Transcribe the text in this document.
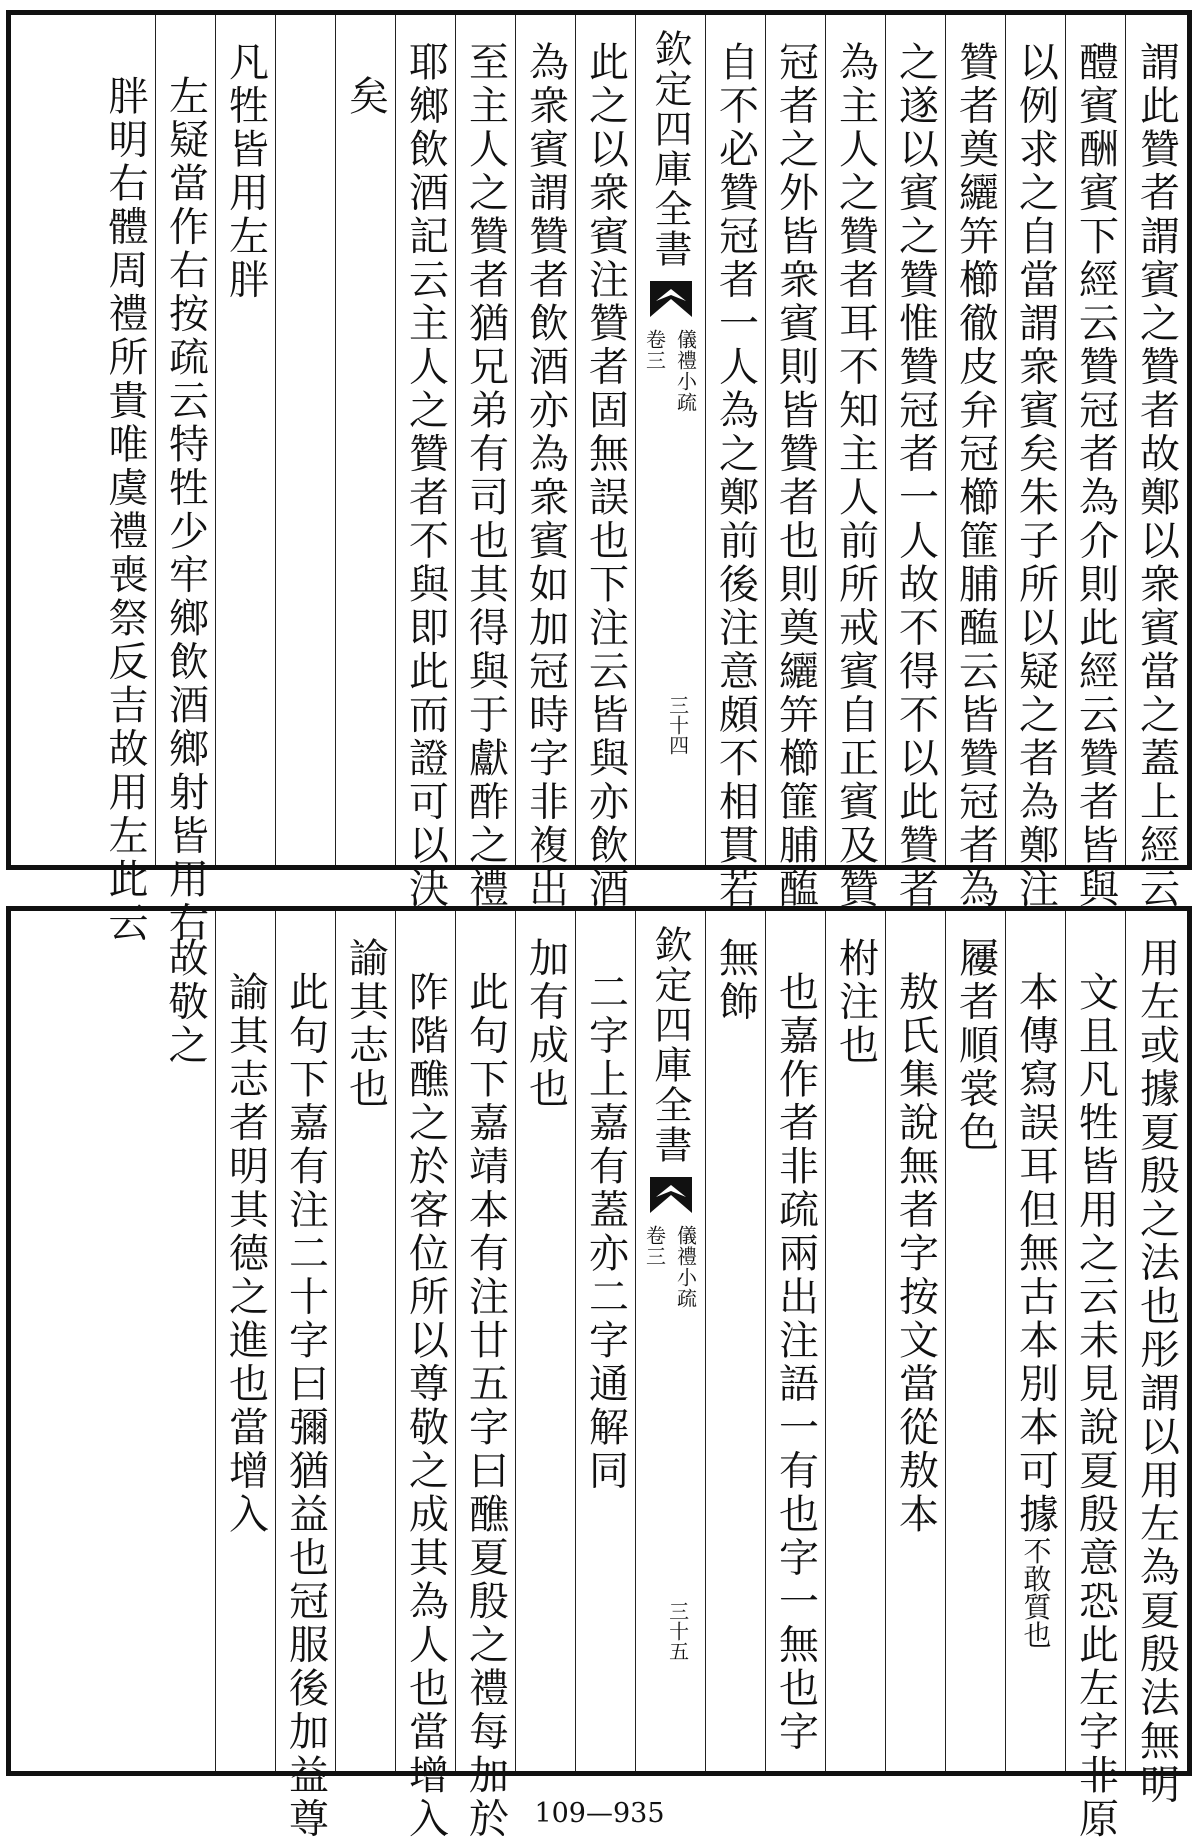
謂此贊者謂賓之贊者故鄭以衆賓當之蓋上經云
醴賓酬賓下經云贊冠者為介則此經云贊者皆與
以例求之自當謂衆賓矣朱子所以疑之者為鄭注
贊者奠纚笄櫛徹皮弁冠櫛篚脯醢云皆贊冠者為
之遂以賓之贊惟贊冠者一人故不得不以此贊者
為主人之贊者耳不知主人前所戒賓自正賓及贊
冠者之外皆衆賓則皆贊者也則奠纚笄櫛篚脯醢
自不必贊冠者一人為之鄭前後注意頗不相貫若
欽定四庫全書
儀禮小疏
卷三
三十四
此之以衆賓注贊者固無誤也下注云皆與亦飲酒
為衆賓謂贊者飲酒亦為衆賓如加冠時字非複出
至主人之贊者猶兄弟有司也其得與于獻酢之禮
耶鄉飲酒記云主人之贊者不與即此而證可以決
矣
凡牲皆用左胖
左疑當作右按疏云特牲少牢鄉飲酒鄉射皆用右
胖明右體周禮所貴唯虞禮喪祭反吉故用左此云
用左或據夏殷之法也彤謂以用左為夏殷法無明
文且凡牲皆用之云未見說夏殷意恐此左字非原
本傳寫誤耳但無古本別本可據不敢質也
屨者順裳色
敖氏集說無者字按文當從敖本
柎注也
也嘉作者非疏兩出注語一有也字一無也字
無飾
欽定四庫全書
儀禮小疏
卷三
三十五
二字上嘉有蓋亦二字通解同
加有成也
此句下嘉靖本有注廿五字曰醮夏殷之禮每加於
阼階醮之於客位所以尊敬之成其為人也當增入
諭其志也
此句下嘉有注二十字曰彌猶益也冠服後加益尊
諭其志者明其德之進也當增入
故敬之
109—935
